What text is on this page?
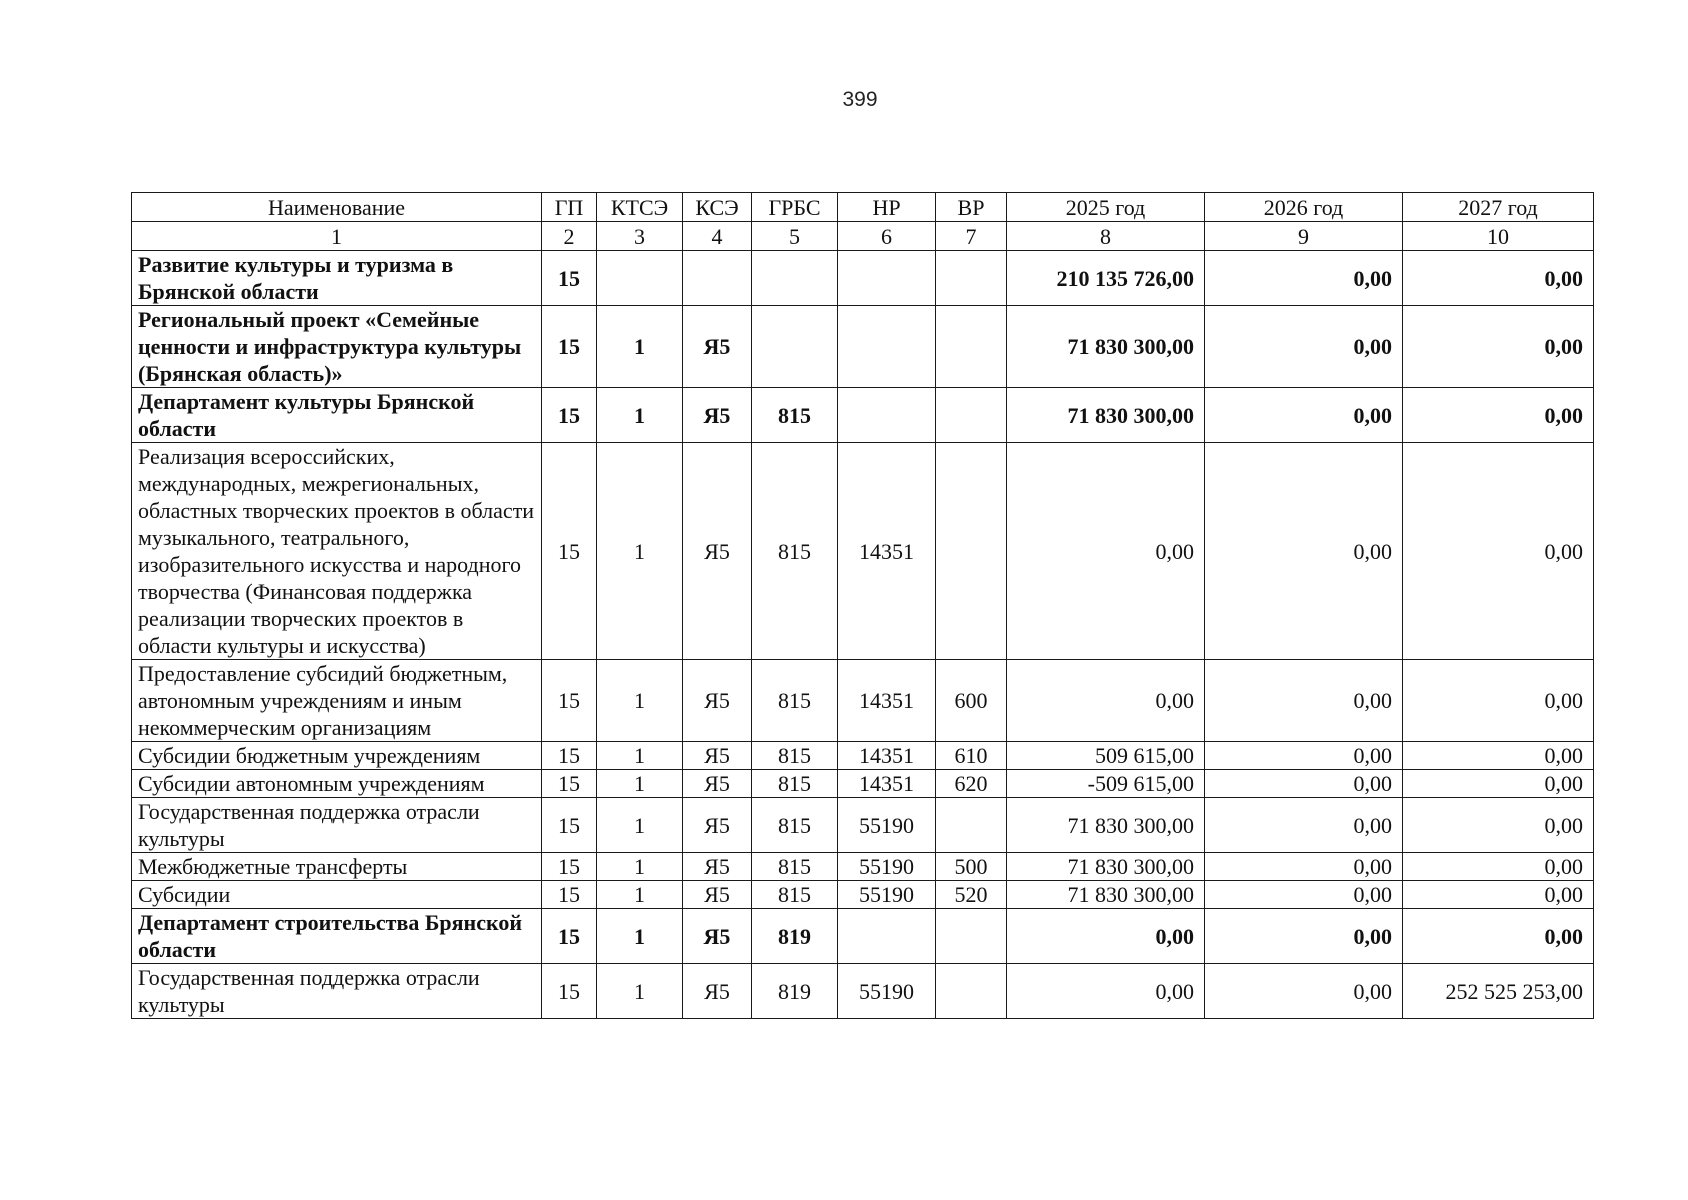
399
Наименование	ГП	КТСЭ	КСЭ	ГРБС	НР	ВР	2025 год	2026 год	2027 год
1	2	3	4	5	6	7	8	9	10
Развитие культуры и туризма в Брянской области	15						210 135 726,00	0,00	0,00
Региональный проект «Семейные ценности и инфраструктура культуры (Брянская область)»	15	1	Я5				71 830 300,00	0,00	0,00
Департамент культуры Брянской области	15	1	Я5	815			71 830 300,00	0,00	0,00
Реализация всероссийских, международных, межрегиональных, областных творческих проектов в области музыкального, театрального, изобразительного искусства и народного творчества (Финансовая поддержка реализации творческих проектов в области культуры и искусства)	15	1	Я5	815	14351		0,00	0,00	0,00
Предоставление субсидий бюджетным, автономным учреждениям и иным некоммерческим организациям	15	1	Я5	815	14351	600	0,00	0,00	0,00
Субсидии бюджетным учреждениям	15	1	Я5	815	14351	610	509 615,00	0,00	0,00
Субсидии автономным учреждениям	15	1	Я5	815	14351	620	-509 615,00	0,00	0,00
Государственная поддержка отрасли культуры	15	1	Я5	815	55190		71 830 300,00	0,00	0,00
Межбюджетные трансферты	15	1	Я5	815	55190	500	71 830 300,00	0,00	0,00
Субсидии	15	1	Я5	815	55190	520	71 830 300,00	0,00	0,00
Департамент строительства Брянской области	15	1	Я5	819			0,00	0,00	0,00
Государственная поддержка отрасли культуры	15	1	Я5	819	55190		0,00	0,00	252 525 253,00
